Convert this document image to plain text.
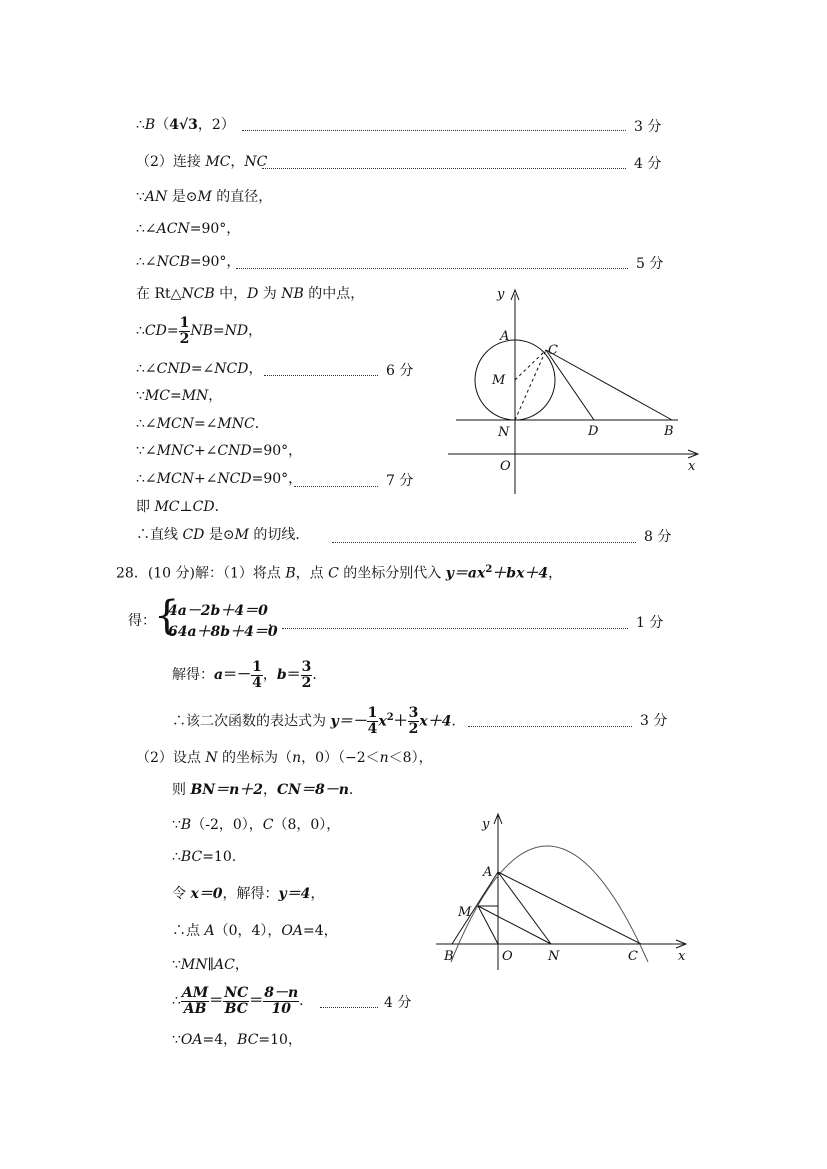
∴B（4√3，2）	3 分
（2）连接 MC，NC	4 分
∵AN 是⊙M 的直径，
∴∠ACN=90°，
∴∠NCB=90°，	5 分
在 Rt△NCB 中，D 为 NB 的中点，
∴CD= $\frac{1}{2} NB=ND$，
∴∠CND=∠NCD，	6 分
∵MC=MN，
∴∠MCN=∠MNC．
∵∠MNC+∠CND=90°，
∴∠MCN+∠NCD=90°，	7 分
即 MC⊥CD．
∴直线 CD 是⊙M 的切线．	8 分
y
x
A
C
M
N	D	B
O
28．(10 分)解：（1）将点 B，点 C 的坐标分别代入 $y=ax^2+bx+4$，
得：
{
4a－2b＋4＝0
64a＋8b＋4＝0
，	1 分
解得：$a=- \frac{1}{4}$ ，$b= \frac{3}{2}$ ．
∴该二次函数的表达式为 $y=- \frac{1}{4} x^2+ \frac{3}{2} x+4$．	3 分
（2）设点 N 的坐标为（n，0）（−2＜n＜8），
则 BN＝n＋2，CN＝8－n．
∵B（-2，0），C（8，0），
∴BC=10.
令 x＝0，解得：y＝4，
∴点 A（0，4），OA=4，
∵MN∥AC，
∴ $\frac{AM}{AB} = \frac{NC}{BC} = \frac{8-n}{10}$ ．	4 分
∵OA=4，BC=10，
y
x
A
M
B	O	N	C
